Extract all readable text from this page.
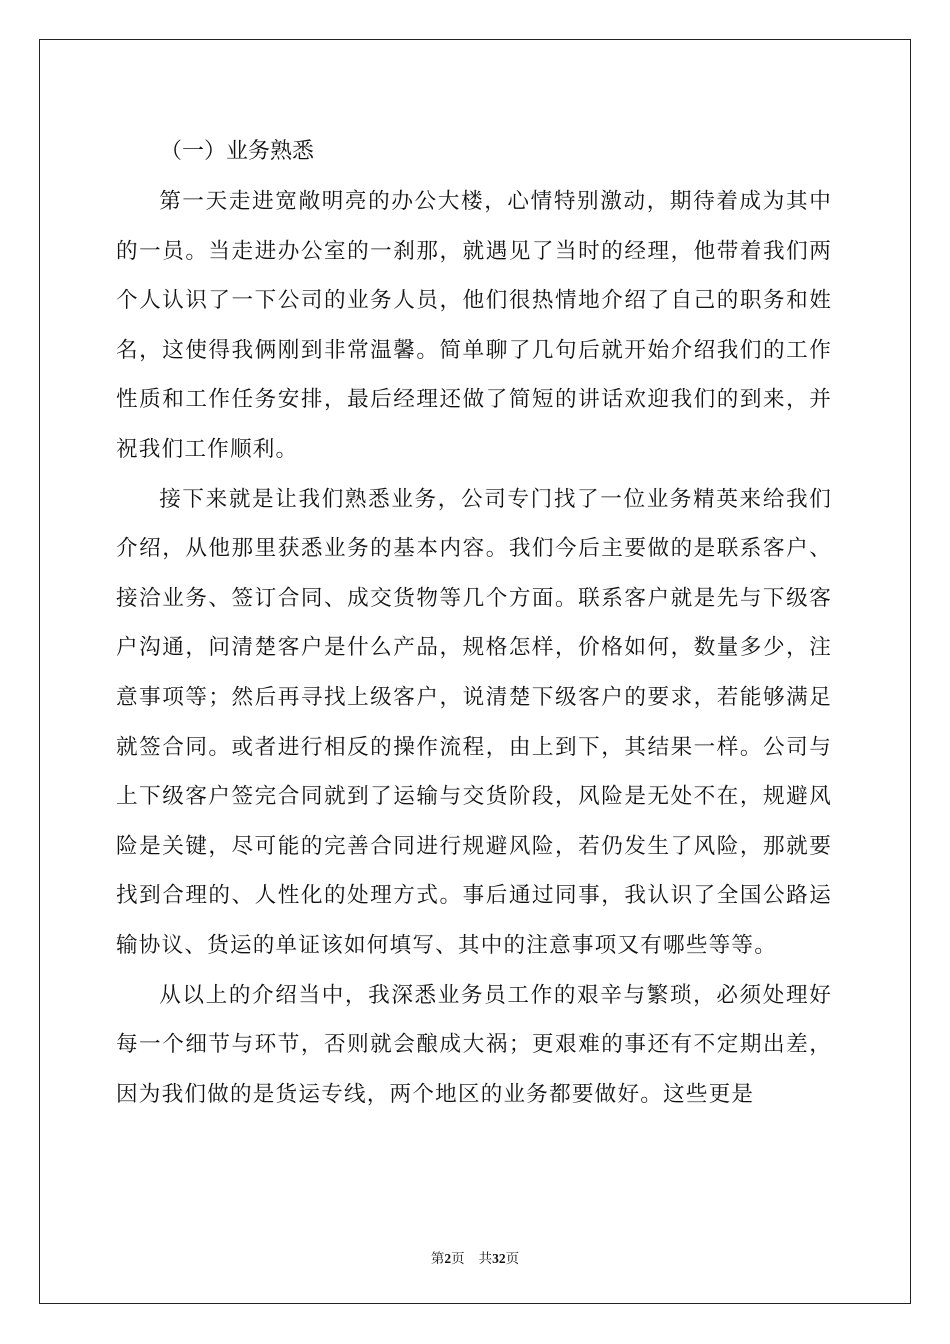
（一）业务熟悉

第一天走进宽敞明亮的办公大楼，心情特别激动，期待着成为其中的一员。当走进办公室的一刹那，就遇见了当时的经理，他带着我们两个人认识了一下公司的业务人员，他们很热情地介绍了自己的职务和姓名，这使得我俩刚到非常温馨。简单聊了几句后就开始介绍我们的工作性质和工作任务安排，最后经理还做了简短的讲话欢迎我们的到来，并祝我们工作顺利。

接下来就是让我们熟悉业务，公司专门找了一位业务精英来给我们介绍，从他那里获悉业务的基本内容。我们今后主要做的是联系客户、接洽业务、签订合同、成交货物等几个方面。联系客户就是先与下级客户沟通，问清楚客户是什么产品，规格怎样，价格如何，数量多少，注意事项等；然后再寻找上级客户，说清楚下级客户的要求，若能够满足就签合同。或者进行相反的操作流程，由上到下，其结果一样。公司与上下级客户签完合同就到了运输与交货阶段，风险是无处不在，规避风险是关键，尽可能的完善合同进行规避风险，若仍发生了风险，那就要找到合理的、人性化的处理方式。事后通过同事，我认识了全国公路运输协议、货运的单证该如何填写、其中的注意事项又有哪些等等。

从以上的介绍当中，我深悉业务员工作的艰辛与繁琐，必须处理好每一个细节与环节，否则就会酿成大祸；更艰难的事还有不定期出差，因为我们做的是货运专线，两个地区的业务都要做好。这些更是

第2页 共32页
